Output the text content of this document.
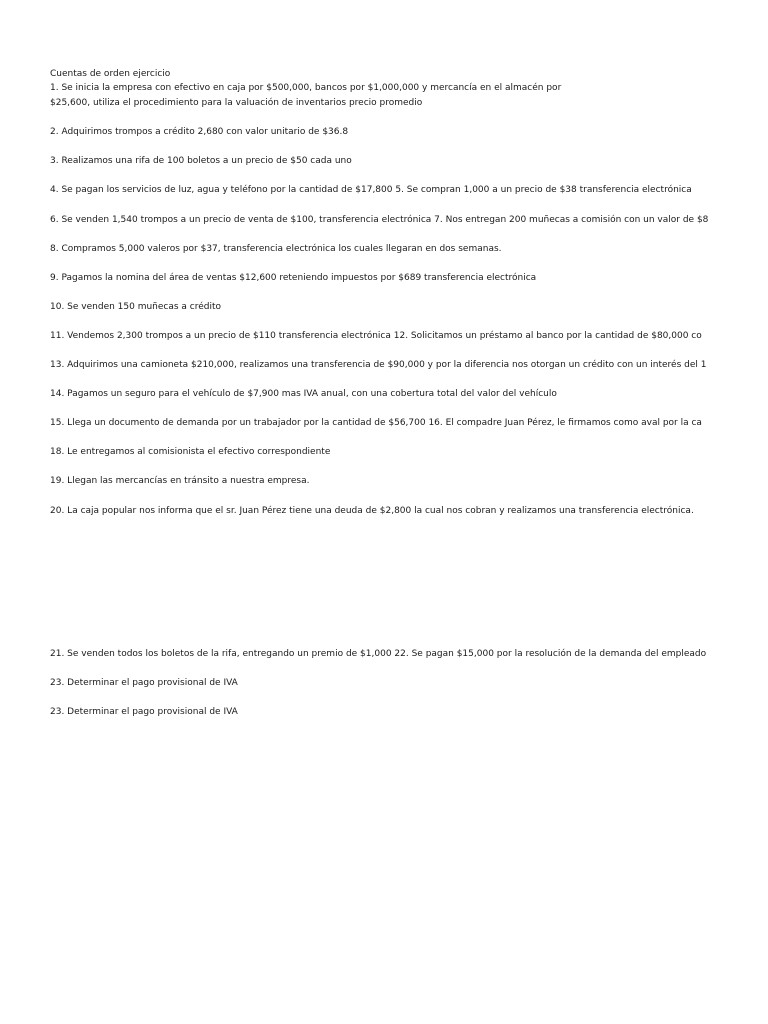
Cuentas de orden ejercicio
1. Se inicia la empresa con efectivo en caja por $500,000, bancos por $1,000,000 y mercancía en el almacén por
$25,600, utiliza el procedimiento para la valuación de inventarios precio promedio
2. Adquirimos trompos a crédito 2,680 con valor unitario de $36.8
3. Realizamos una rifa de 100 boletos a un precio de $50 cada uno
4. Se pagan los servicios de luz, agua y teléfono por la cantidad de $17,800 5. Se compran 1,000 a un precio de $38 transferencia electrónica
6. Se venden 1,540 trompos a un precio de venta de $100, transferencia electrónica 7. Nos entregan 200 muñecas a comisión con un valor de $8
8. Compramos 5,000 valeros por $37, transferencia electrónica los cuales llegaran en dos semanas.
9. Pagamos la nomina del área de ventas $12,600 reteniendo impuestos por $689 transferencia electrónica
10. Se venden 150 muñecas a crédito
11. Vendemos 2,300 trompos a un precio de $110 transferencia electrónica 12. Solicitamos un préstamo al banco por la cantidad de $80,000 co
13. Adquirimos una camioneta $210,000, realizamos una transferencia de $90,000 y por la diferencia nos otorgan un crédito con un interés del 1
14. Pagamos un seguro para el vehículo de $7,900 mas IVA anual, con una cobertura total del valor del vehículo
15. Llega un documento de demanda por un trabajador por la cantidad de $56,700 16. El compadre Juan Pérez, le firmamos como aval por la ca
18. Le entregamos al comisionista el efectivo correspondiente
19. Llegan las mercancías en tránsito a nuestra empresa.
20. La caja popular nos informa que el sr. Juan Pérez tiene una deuda de $2,800 la cual nos cobran y realizamos una transferencia electrónica.
21. Se venden todos los boletos de la rifa, entregando un premio de $1,000 22. Se pagan $15,000 por la resolución de la demanda del empleado
23. Determinar el pago provisional de IVA
23. Determinar el pago provisional de IVA
